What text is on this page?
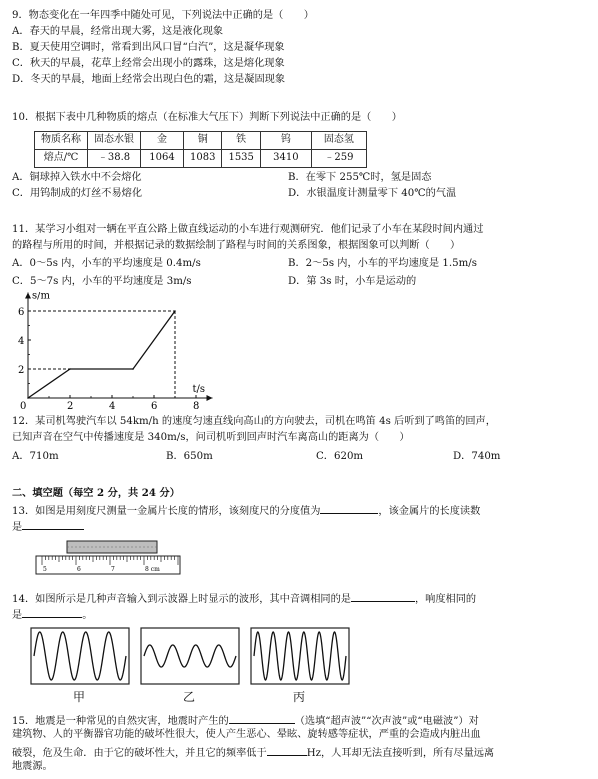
9．物态变化在一年四季中随处可见，下列说法中正确的是（　　）
A．春天的早晨，经常出现大雾，这是液化现象
B．夏天使用空调时，常看到出风口冒“白汽”，这是凝华现象
C．秋天的早晨，花草上经常会出现小的露珠，这是熔化现象
D．冬天的早晨，地面上经常会出现白色的霜，这是凝固现象
10．根据下表中几种物质的熔点（在标准大气压下）判断下列说法中正确的是（　　）
物质名称	固态水银	金	铜	铁	钨	固态氢
熔点/℃	﹣38.8	1064	1083	1535	3410	﹣259
A．铜球掉入铁水中不会熔化	B．在零下 255℃时，氢是固态
C．用钨制成的灯丝不易熔化	D．水银温度计测量零下 40℃的气温
11．某学习小组对一辆在平直公路上做直线运动的小车进行观测研究．他们记录了小车在某段时间内通过
的路程与所用的时间，并根据记录的数据绘制了路程与时间的关系图象，根据图象可以判断（　　）
A．0～5s 内，小车的平均速度是 0.4m/s	B．2～5s 内，小车的平均速度是 1.5m/s
C．5～7s 内，小车的平均速度是 3m/s	D．第 3s 时，小车是运动的
0	2	4	6	8
2
4
6
s/m
t/s
12．某司机驾驶汽车以 54km/h 的速度匀速直线向高山的方向驶去，司机在鸣笛 4s 后听到了鸣笛的回声，
已知声音在空气中传播速度是 340m/s，问司机听到回声时汽车离高山的距离为（　　）
A．710m	B．650m	C．620m	D．740m
二、填空题（每空 2 分，共 24 分）
13．如图是用刻度尺测量一金属片长度的情形，该刻度尺的分度值为	，该金属片的长度读数
是
5	6	7	8 cm
14．如图所示是几种声音输入到示波器上时显示的波形，其中音调相同的是	，响度相同的
是	。
甲	乙	丙
15．地震是一种常见的自然灾害，地震时产生的	（选填“超声波”“次声波”或“电磁波”）对
建筑物、人的平衡器官功能的破坏性很大，使人产生恶心、晕眩、旋转感等症状，严重的会造成内脏出血
破裂，危及生命．由于它的破坏性大，并且它的频率低于	Hz，人耳却无法直接听到，所有尽量远离
地震源。
